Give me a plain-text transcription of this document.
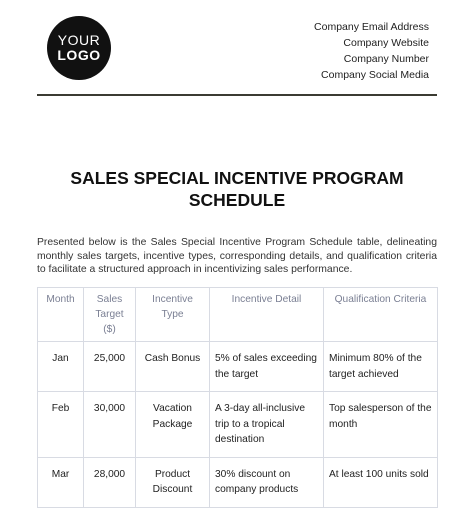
YOUR
LOGO
Company Email Address
Company Website
Company Number
Company Social Media
SALES SPECIAL INCENTIVE PROGRAM
SCHEDULE
Presented below is the Sales Special Incentive Program Schedule table, delineating monthly sales targets, incentive types, corresponding details, and qualification criteria to facilitate a structured approach in incentivizing sales performance.
Month	Sales Target ($)	Incentive Type	Incentive Detail	Qualification Criteria
Jan	25,000	Cash Bonus	5% of sales exceeding the target	Minimum 80% of the target achieved
Feb	30,000	Vacation Package	A 3-day all-inclusive trip to a tropical destination	Top salesperson of the month
Mar	28,000	Product Discount	30% discount on company products	At least 100 units sold
